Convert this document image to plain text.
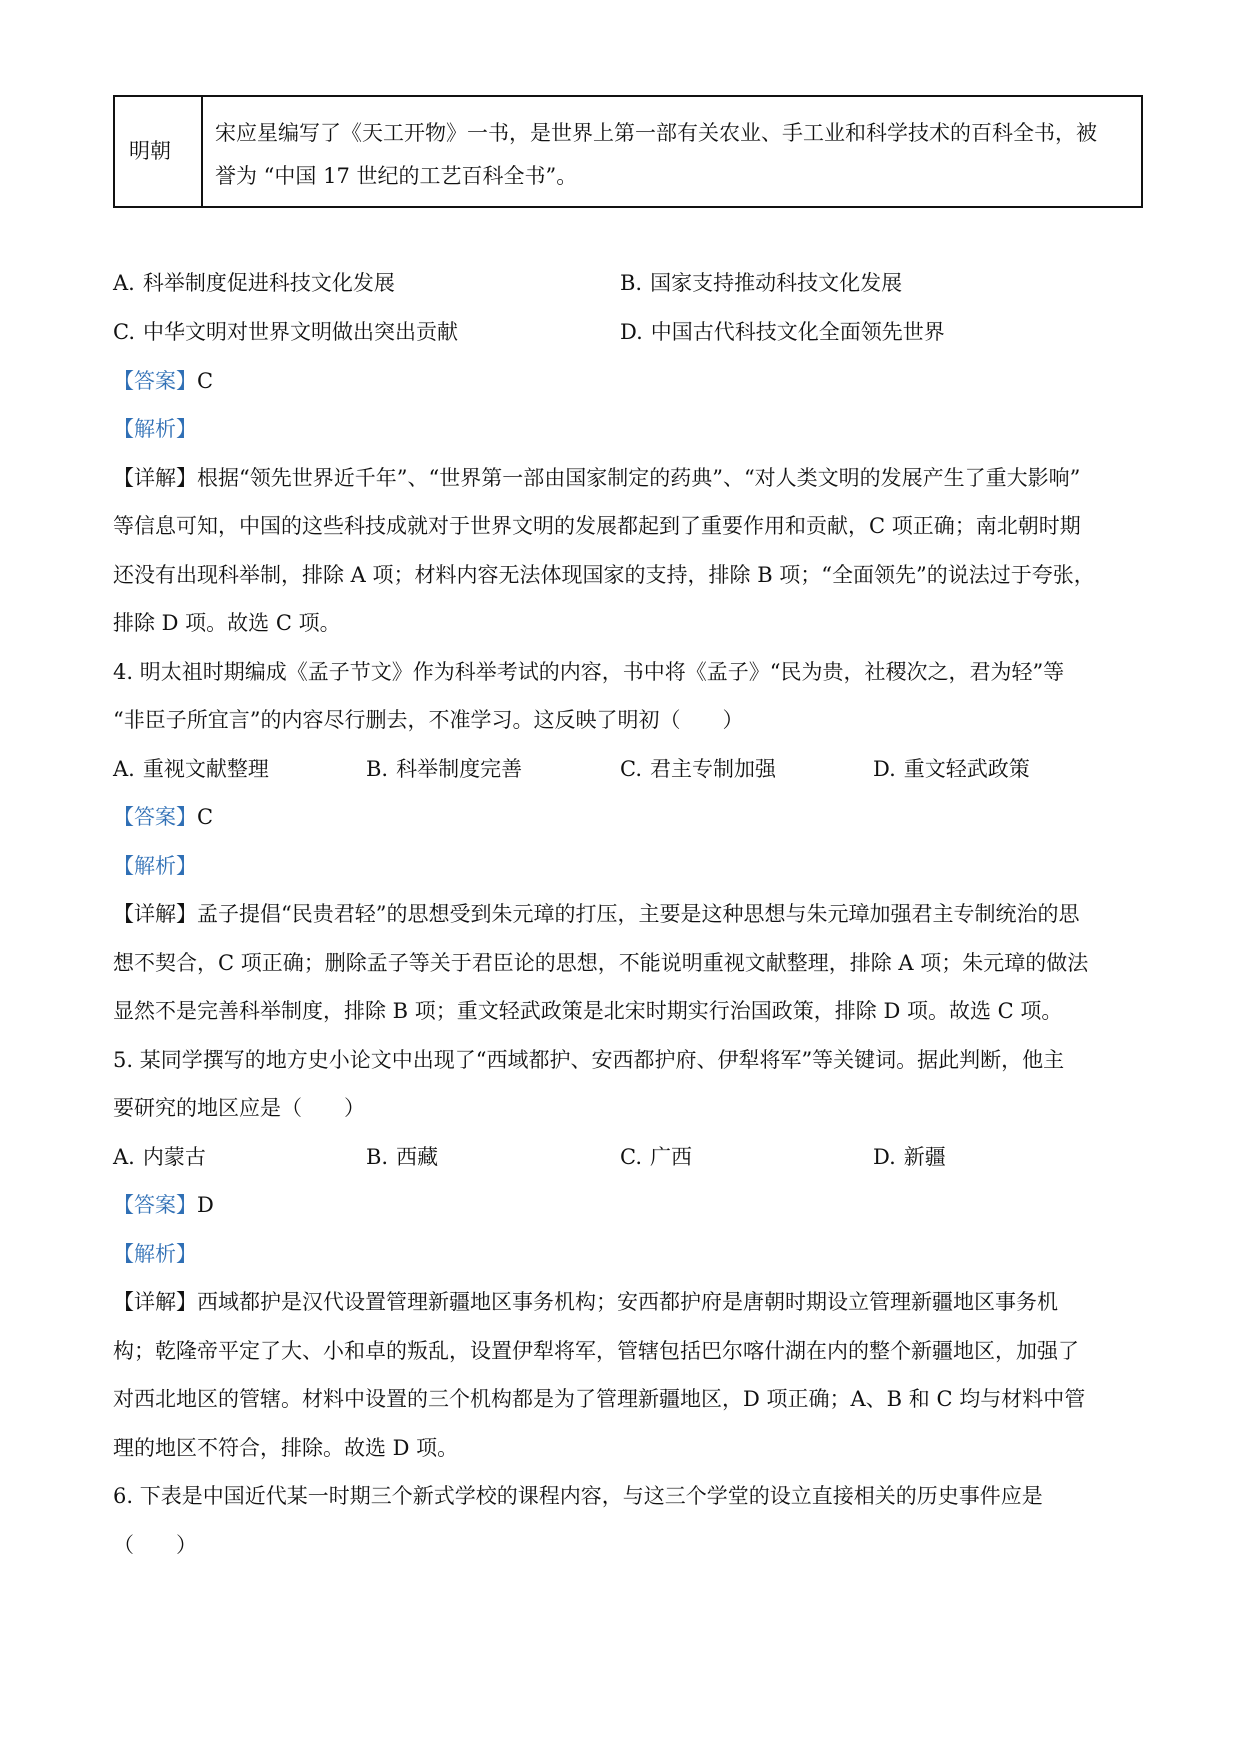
明朝
宋应星编写了《天工开物》一书，是世界上第一部有关农业、手工业和科学技术的百科全书，被
誉为 “中国 17 世纪的工艺百科全书”。
A. 科举制度促进科技文化发展	B. 国家支持推动科技文化发展
C. 中华文明对世界文明做出突出贡献	D. 中国古代科技文化全面领先世界
【答案】C
【解析】
【详解】根据“领先世界近千年”、“世界第一部由国家制定的药典”、“对人类文明的发展产生了重大影响”
等信息可知，中国的这些科技成就对于世界文明的发展都起到了重要作用和贡献，C 项正确；南北朝时期
还没有出现科举制，排除 A 项；材料内容无法体现国家的支持，排除 B 项；“全面领先”的说法过于夸张，
排除 D 项。故选 C 项。
4. 明太祖时期编成《孟子节文》作为科举考试的内容，书中将《孟子》“民为贵，社稷次之，君为轻”等
“非臣子所宜言”的内容尽行删去，不准学习。这反映了明初（　　）
A. 重视文献整理	B. 科举制度完善	C. 君主专制加强	D. 重文轻武政策
【答案】C
【解析】
【详解】孟子提倡“民贵君轻”的思想受到朱元璋的打压，主要是这种思想与朱元璋加强君主专制统治的思
想不契合，C 项正确；删除孟子等关于君臣论的思想，不能说明重视文献整理，排除 A 项；朱元璋的做法
显然不是完善科举制度，排除 B 项；重文轻武政策是北宋时期实行治国政策，排除 D 项。故选 C 项。
5. 某同学撰写的地方史小论文中出现了“西域都护、安西都护府、伊犁将军”等关键词。据此判断，他主
要研究的地区应是（　　）
A. 内蒙古	B. 西藏	C. 广西	D. 新疆
【答案】D
【解析】
【详解】西域都护是汉代设置管理新疆地区事务机构；安西都护府是唐朝时期设立管理新疆地区事务机
构；乾隆帝平定了大、小和卓的叛乱，设置伊犁将军，管辖包括巴尔喀什湖在内的整个新疆地区，加强了
对西北地区的管辖。材料中设置的三个机构都是为了管理新疆地区，D 项正确；A、B 和 C 均与材料中管
理的地区不符合，排除。故选 D 项。
6. 下表是中国近代某一时期三个新式学校的课程内容，与这三个学堂的设立直接相关的历史事件应是
（　　）
